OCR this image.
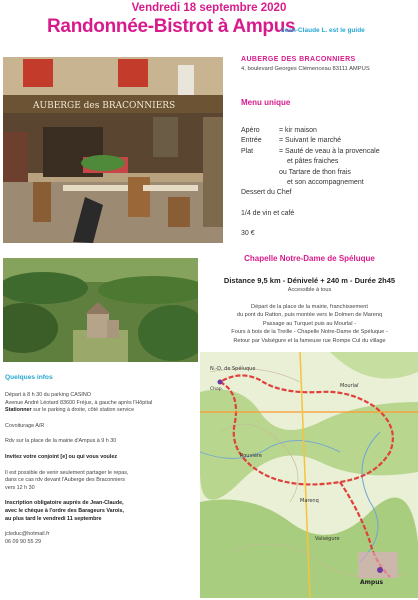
Vendredi 18 septembre 2020
Randonnée-Bistrot à Ampus
Jean-Claude L. est le guide
AUBERGE des BRACONNIERS
AUBERGE DES BRACONNIERS
4, boulevard Georges Clémenceau 83111 AMPUS
Menu unique
Apéro	= kir maison
Entrée = Suivant le marché
Plat	= Sauté de veau à la provencale
et pâtes fraiches
ou Tartare de thon frais
et son accompagnement
Dessert du Chef
1/4 de vin et café
30 €
Chapelle Notre-Dame de Spéluque
Distance 9,5 km - Dénivelé + 240 m - Durée 2h45
Accessible à tous
Départ de la place de la mairie, franchissement
du pont du Ratton, puis montée vers le Dolmen de Marenq
Passage au Turquet puis au Mourlaï -
Fours à bois de la Treille - Chapelle Notre-Dame de Spéluque -
Retour par Valségure et la fameuse rue Rompe Cul du village
N.-D. de Spéluque
Chap.
Mourlaï
Rouvière
Marenq
Valségure
Ampus
Quelques infos
Départ à 8 h 30 du parking CASINO
Avenue André Léotard 83600 Fréjus, à gauche après l'Hôpital
Stationner sur le parking à droite, côté station service
Covoiturage A/R
Rdv sur la place de la mairie d'Ampus à 9 h 30
Invitez votre conjoint [e] ou qui vous voulez
Il est possible de venir seulement partager le repas,
dans ce cas rdv devant l'Auberge des Braconniers
vers 12 h 30
Inscription obligatoire auprès de Jean-Claude,
avec le chèque à l'ordre des Barageurs Varois,
au plus tard le vendredi 11 septembre
jcleduc@hotmail.fr
06 09 90 55 29
